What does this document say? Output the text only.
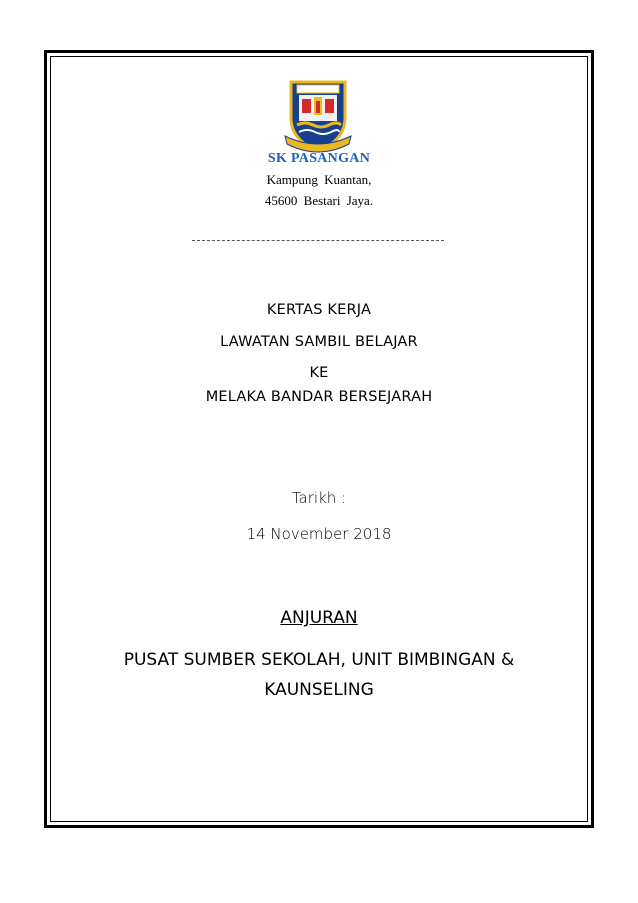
SK PASANGAN
Kampung Kuantan,
45600 Bestari Jaya.
KERTAS KERJA
LAWATAN SAMBIL BELAJAR
KE
MELAKA BANDAR BERSEJARAH
Tarikh :
14 November 2018
ANJURAN
PUSAT SUMBER SEKOLAH, UNIT BIMBINGAN &
KAUNSELING
